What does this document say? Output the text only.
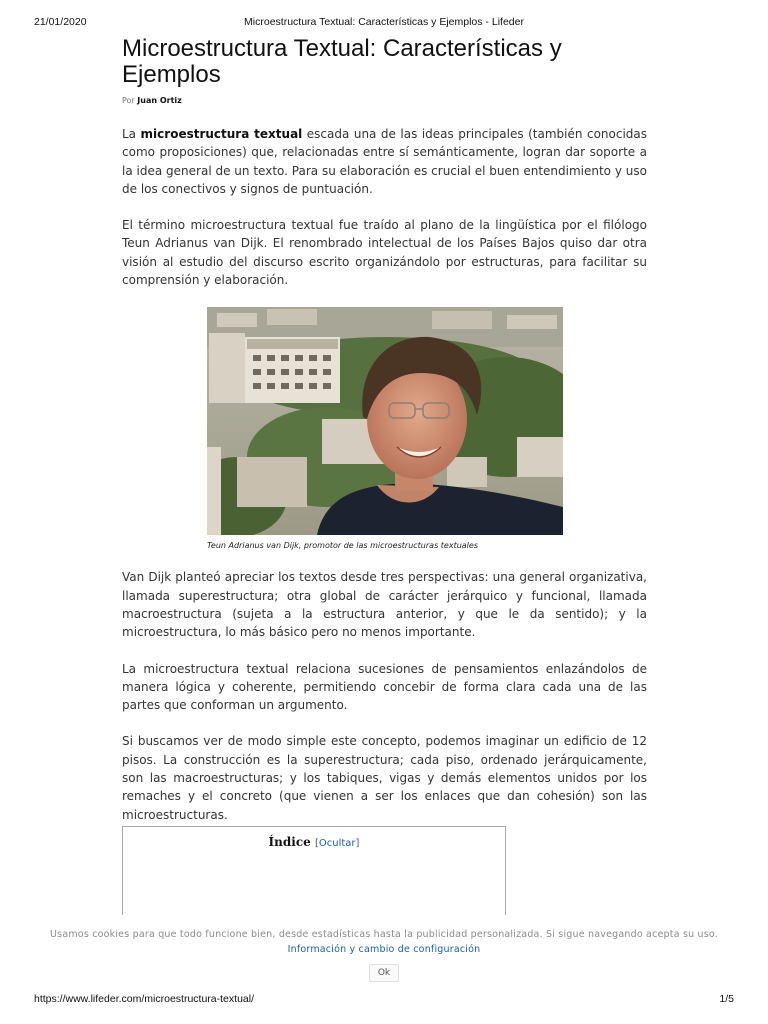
21/01/2020	Microestructura Textual: Características y Ejemplos - Lifeder
Microestructura Textual: Características y Ejemplos
Por Juan Ortiz

La microestructura textual escada una de las ideas principales (también conocidas como proposiciones) que, relacionadas entre sí semánticamente, logran dar soporte a la idea general de un texto. Para su elaboración es crucial el buen entendimiento y uso de los conectivos y signos de puntuación.

El término microestructura textual fue traído al plano de la lingüística por el filólogo Teun Adrianus van Dijk. El renombrado intelectual de los Países Bajos quiso dar otra visión al estudio del discurso escrito organizándolo por estructuras, para facilitar su comprensión y elaboración.

Teun Adrianus van Dijk, promotor de las microestructuras textuales

Van Dijk planteó apreciar los textos desde tres perspectivas: una general organizativa, llamada superestructura; otra global de carácter jerárquico y funcional, llamada macroestructura (sujeta a la estructura anterior, y que le da sentido); y la microestructura, lo más básico pero no menos importante.

La microestructura textual relaciona sucesiones de pensamientos enlazándolos de manera lógica y coherente, permitiendo concebir de forma clara cada una de las partes que conforman un argumento.

Si buscamos ver de modo simple este concepto, podemos imaginar un edificio de 12 pisos. La construcción es la superestructura; cada piso, ordenado jerárquicamente, son las macroestructuras; y los tabiques, vigas y demás elementos unidos por los remaches y el concreto (que vienen a ser los enlaces que dan cohesión) son las microestructuras.

Índice [Ocultar]
Usamos cookies para que todo funcione bien, desde estadísticas hasta la publicidad personalizada. Si sigue navegando acepta su uso. Información y cambio de configuración
Ok
https://www.lifeder.com/microestructura-textual/	1/5
